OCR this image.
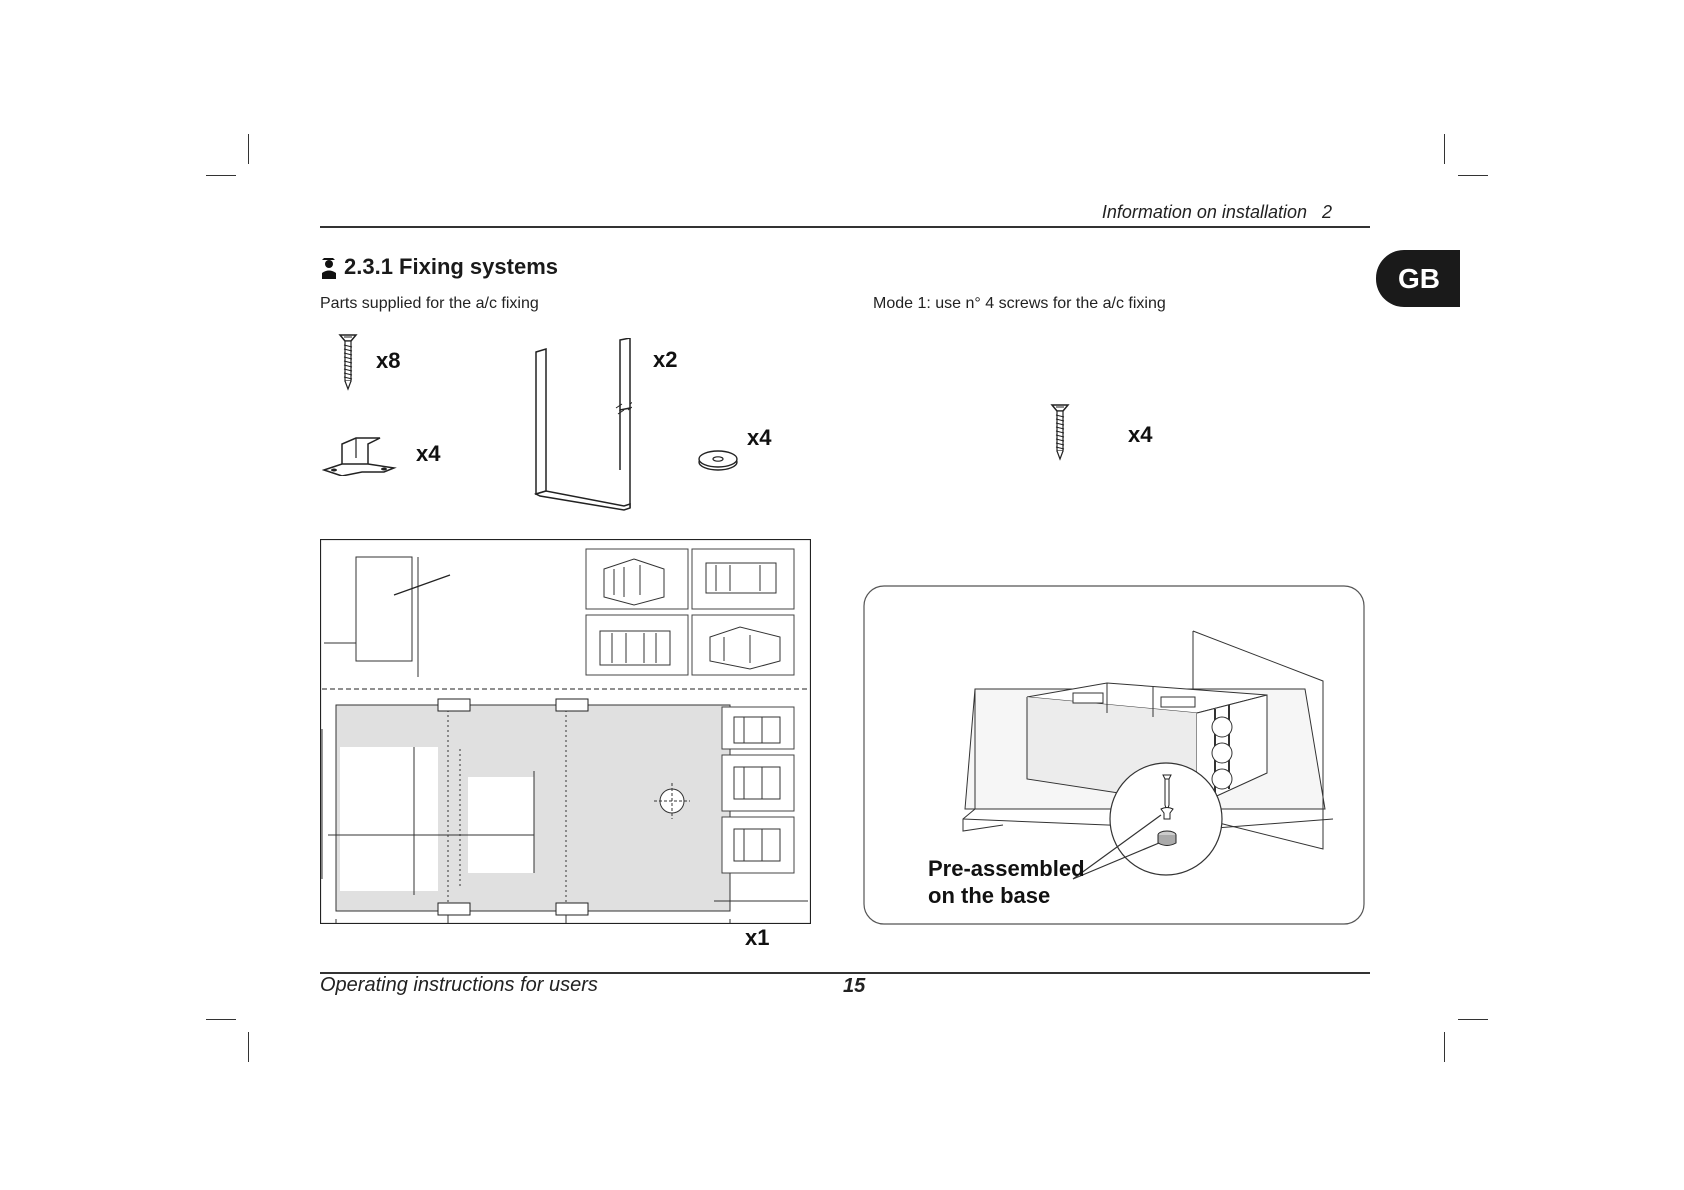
Information on installation   2
GB
2.3.1 Fixing systems
Parts supplied for the a/c fixing	Mode 1: use n° 4 screws for the a/c fixing
x8
x4
x2
x4
x1
x4
Pre-assembled
on the base
Operating instructions for users	15
